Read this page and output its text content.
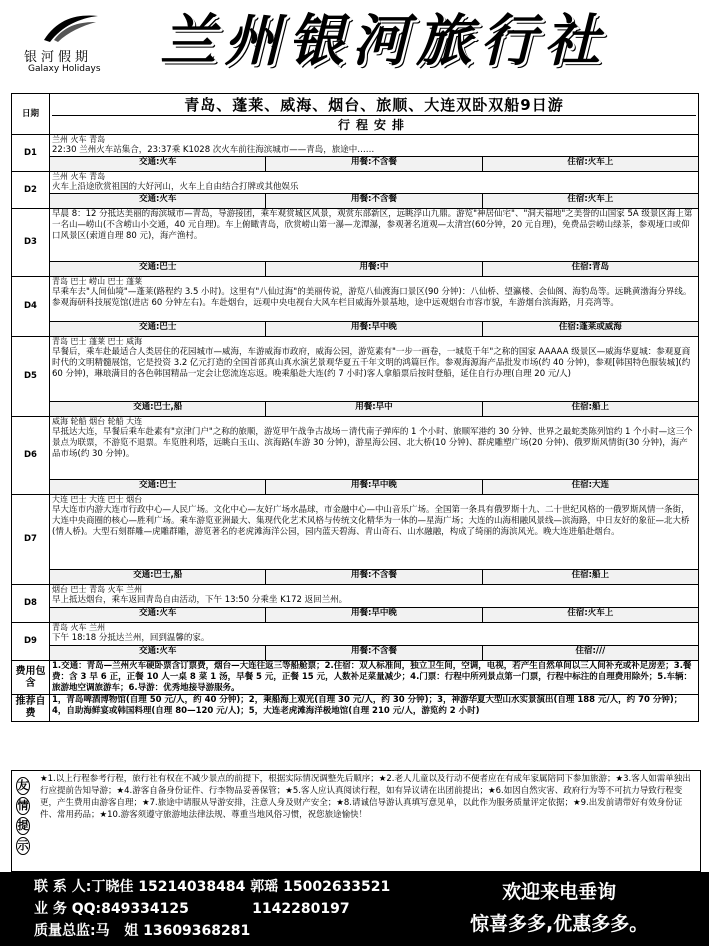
银河假期
Galaxy Holidays 兰州银河旅行社
日期	青岛、蓬莱、威海、烟台、旅顺、大连双卧双船9日游
行程安排		

D1	兰州 火车 青岛
22:30 兰州火车站集合，23:37乘 K1028 次火车前往海滨城市——青岛，旅途中……		

	交通:火车	用餐:不含餐	住宿:火车上
D2	兰州 火车 青岛
火车上沿途欣赏祖国的大好河山，火车上自由结合打牌或其他娱乐		

	交通:火车	用餐:不含餐	住宿:火车上
D3	早晨 8：12 分抵达美丽的海滨城市—青岛，导游接团，乘车观赏城区风景，观赏东部新区，远眺浮山九鼎。游览"神居仙宅"、"洞天福地"之美誉的山国家 5A 级景区海上第一名山—崂山(不含崂山小交通，40 元自理)。车上俯瞰青岛，欣赏崂山第一瀑—龙潭瀑，参观著名道观—太清宫(60分钟，20 元自理)，免费品尝崂山绿茶，参观垭口或仰口风景区(索道自理 80 元)，海产渔村。		

	交通:巴士	用餐:中	住宿:青岛
D4	青岛 巴士 崂山 巴士 蓬莱
早乘车去"人间仙境"—蓬莱(路程约 3.5 小时)。这里有"八仙过海"的美丽传说，游览八仙渡海口景区(90 分钟)：八仙桥、望瀛楼、会仙阁、海豹岛等。远眺黄渤海分界线。参观海研科技展览馆(进店 60 分钟左右)。车赴烟台，远观中央电视台大风车栏目威海外景基地，途中远观烟台市容市貌，车游烟台滨海路，月亮湾等。		

	交通:巴士	用餐:早中晚	住宿:蓬莱或威海
D5	青岛 巴士 蓬莱 巴士 威海
早餐后，乘车赴最适合人类居住的花园城市—威海，车游威海市政府，威海公园，游览素有"一步一画卷，一城览千年"之称的国家 AAAAA 级景区—威海华夏城：参观夏商时代的文明精髓展馆，它是投资 3.2 亿元打造的全国首部真山真水演艺景观华夏五千年文明的鸿篇巨作。参观海源海产品批发市场(约 40 分钟)，参观[韩国特色服装城](约 60 分钟)，琳琅满目的各色韩国精品一定会让您流连忘返。晚乘船赴大连(约 7 小时)客人拿船票后按时登船，延住自行办理(自理 20 元/人)		

	交通:巴士,船	用餐:早中	住宿:船上
D6	威海 轮船 烟台 轮船 大连
早抵达大连，早餐后乘车赴素有"京津门户"之称的旅顺，游览甲午战争古战场－清代南子弹库的 1 个小时、旅顺军港约 30 分钟、世界之最蛇类陈列馆约 1 个小时—这三个景点为联票，不游览不退票。车览胜利塔，远眺白玉山、滨海路(车游 30 分钟)，游星海公园、北大桥(10 分钟)、群虎雕塑广场(20 分钟)、俄罗斯风情街(30 分钟)，海产品市场(约 30 分钟)。		

	交通:巴士	用餐:早中晚	住宿:大连
D7	大连 巴士 大连 巴士 烟台
早大连市内游大连市行政中心—人民广场。文化中心—友好广场水晶球，市金融中心—中山音乐广场。全国第一条具有俄罗斯十九、二十世纪风格的一俄罗斯风情一条街，大连中央商圈的核心—胜利广场。乘车游览亚洲最大、集现代化艺术风格与传统文化精华为一体的—星海广场；大连的山海相融风景线—滨海路，中日友好的象征—北大桥(情人桥)。大型石刻群雕—虎雕群雕，游览著名的老虎滩海洋公园，园内蓝天碧海、青山奇石、山水融融，构成了绮丽的海滨风光。晚大连进船赴烟台。		

	交通:巴士,船	用餐:不含餐	住宿:船上
D8	烟台 巴士 青岛 火车 兰州
早上抵达烟台，乘车返回青岛自由活动，下午 13:50 分乘坐 K172 返回兰州。		

	交通:火车	用餐:早中晚	住宿:火车上
D9	青岛 火车 兰州
下午 18:18 分抵达兰州，回到温馨的家。		

	交通:火车	用餐:不含餐	住宿:///
费用包含	1.交通：青岛—兰州火车硬卧票含订票费，烟台—大连往返三等船舱票；2.住宿：双人标准间，独立卫生间，空调，电视，若产生自然单间以三人间补充或补足房差；3.餐费：含 3 早 6 正，正餐 10 人一桌 8 菜 1 汤，早餐 5 元，正餐 15 元，人数补足菜量减少；4.门票：行程中所列景点第一门票，行程中标注的自理费用除外；5.车辆：旅游地空调旅游车；6.导游：优秀地接导游服务。		
推荐自费	1，青岛啤酒博物馆(自理 50 元/人，约 40 分钟)；2，乘船海上观光(自理 30 元/人，约 30 分钟)；3，神游华夏大型山水实景演出(自理 188 元/人，约 70 分钟)；4，自助海鲜宴或韩国料理(自理 80—120 元/人)；5，大连老虎滩海洋极地馆(自理 210 元/人，游览约 2 小时)		
友
情
提
示
★1.以上行程参考行程，旅行社有权在不减少景点的前提下，根据实际情况调整先后顺序；★2.老人儿童以及行动不便者应在有成年家属陪同下参加旅游；★3.客人如需单独出行应提前告知导游；★4.游客自备身份证件、行李物品妥善保管；★5.客人应认真阅读行程，如有异议请在出团前提出；★6.如因自然灾害、政府行为等不可抗力导致行程变更，产生费用由游客自理；★7.旅途中请服从导游安排，注意人身及财产安全；★8.请诚信导游认真填写意见单，以此作为服务质量评定依据；★9.出发前请带好有效身份证件、常用药品；★10.游客须遵守旅游地法律法规、尊重当地风俗习惯，祝您旅途愉快！
联 系 人:丁晓佳 15214038484 郭瑶 15002633521
业 务 QQ:849334125             1142280197
质量总监:马   姐 13609368281
欢迎来电垂询
惊喜多多,优惠多多。
